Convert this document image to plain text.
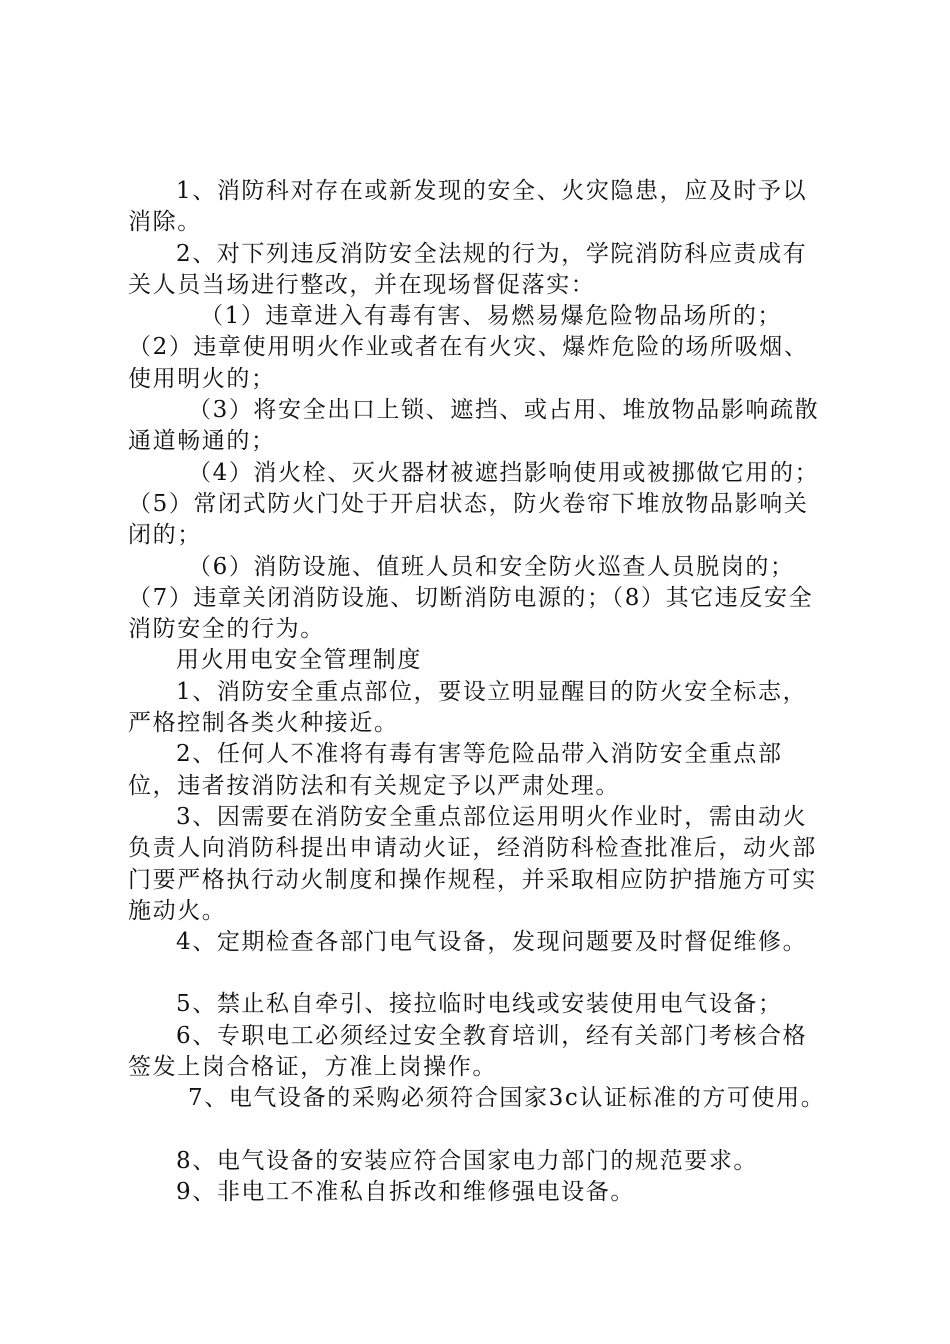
1、消防科对存在或新发现的安全、火灾隐患，应及时予以消除。

2、对下列违反消防安全法规的行为，学院消防科应责成有关人员当场进行整改，并在现场督促落实：

（1）违章进入有毒有害、易燃易爆危险物品场所的；

（2）违章使用明火作业或者在有火灾、爆炸危险的场所吸烟、使用明火的；

（3）将安全出口上锁、遮挡、或占用、堆放物品影响疏散通道畅通的；

（4）消火栓、灭火器材被遮挡影响使用或被挪做它用的；

（5）常闭式防火门处于开启状态，防火卷帘下堆放物品影响关闭的；

（6）消防设施、值班人员和安全防火巡查人员脱岗的；

（7）违章关闭消防设施、切断消防电源的；（8）其它违反安全消防安全的行为。

用火用电安全管理制度

1、消防安全重点部位，要设立明显醒目的防火安全标志，严格控制各类火种接近。

2、任何人不准将有毒有害等危险品带入消防安全重点部位，违者按消防法和有关规定予以严肃处理。

3、因需要在消防安全重点部位运用明火作业时，需由动火负责人向消防科提出申请动火证，经消防科检查批准后，动火部门要严格执行动火制度和操作规程，并采取相应防护措施方可实施动火。

4、定期检查各部门电气设备，发现问题要及时督促维修。

5、禁止私自牵引、接拉临时电线或安装使用电气设备；

6、专职电工必须经过安全教育培训，经有关部门考核合格签发上岗合格证，方准上岗操作。

7、电气设备的采购必须符合国家3c认证标准的方可使用。

8、电气设备的安装应符合国家电力部门的规范要求。

9、非电工不准私自拆改和维修强电设备。
